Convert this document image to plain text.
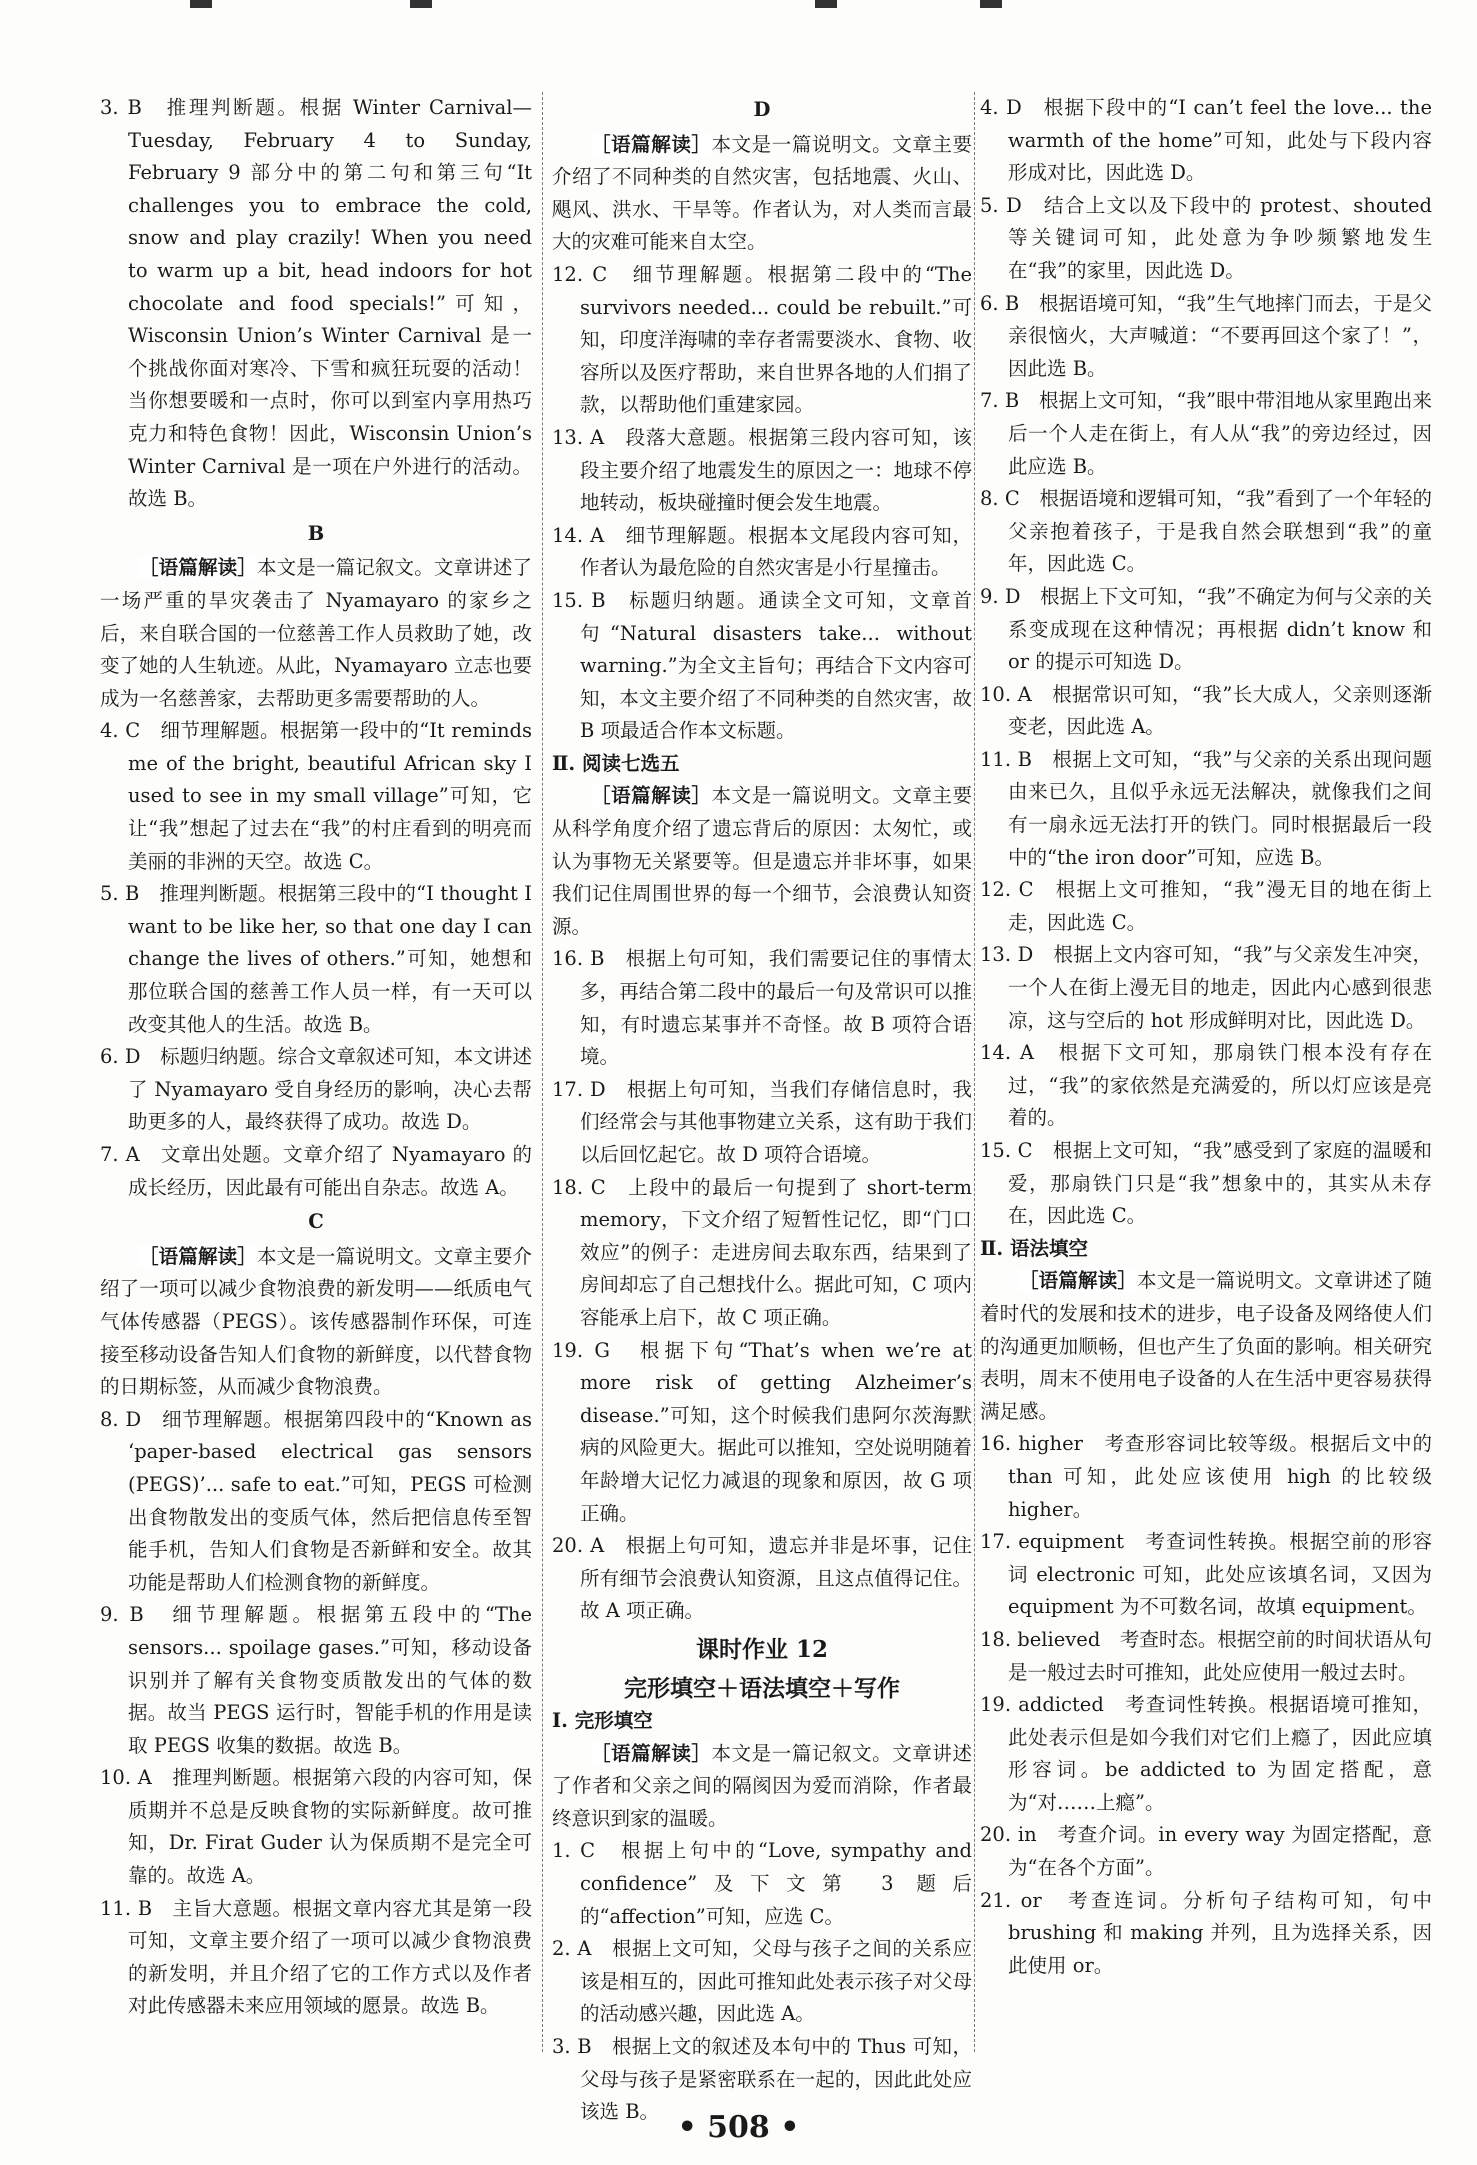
3. B　推理判断题。根据 Winter Carnival—Tuesday, February 4 to Sunday, February 9 部分中的第二句和第三句“It challenges you to embrace the cold, snow and play crazily! When you need to warm up a bit, head indoors for hot chocolate and food specials!”可知，Wisconsin Union’s Winter Carnival 是一个挑战你面对寒冷、下雪和疯狂玩耍的活动！当你想要暖和一点时，你可以到室内享用热巧克力和特色食物！因此，Wisconsin Union’s Winter Carnival 是一项在户外进行的活动。故选 B。

B

［语篇解读］本文是一篇记叙文。文章讲述了一场严重的旱灾袭击了 Nyamayaro 的家乡之后，来自联合国的一位慈善工作人员救助了她，改变了她的人生轨迹。从此，Nyamayaro 立志也要成为一名慈善家，去帮助更多需要帮助的人。

4. C　细节理解题。根据第一段中的“It reminds me of the bright, beautiful African sky I used to see in my small village”可知，它让“我”想起了过去在“我”的村庄看到的明亮而美丽的非洲的天空。故选 C。

5. B　推理判断题。根据第三段中的“I thought I want to be like her, so that one day I can change the lives of others.”可知，她想和那位联合国的慈善工作人员一样，有一天可以改变其他人的生活。故选 B。

6. D　标题归纳题。综合文章叙述可知，本文讲述了 Nyamayaro 受自身经历的影响，决心去帮助更多的人，最终获得了成功。故选 D。

7. A　文章出处题。文章介绍了 Nyamayaro 的成长经历，因此最有可能出自杂志。故选 A。

C

［语篇解读］本文是一篇说明文。文章主要介绍了一项可以减少食物浪费的新发明——纸质电气气体传感器（PEGS）。该传感器制作环保，可连接至移动设备告知人们食物的新鲜度，以代替食物的日期标签，从而减少食物浪费。

8. D　细节理解题。根据第四段中的“Known as ‘paper-based electrical gas sensors (PEGS)’... safe to eat.”可知，PEGS 可检测出食物散发出的变质气体，然后把信息传至智能手机，告知人们食物是否新鲜和安全。故其功能是帮助人们检测食物的新鲜度。

9. B　细节理解题。根据第五段中的“The sensors... spoilage gases.”可知，移动设备识别并了解有关食物变质散发出的气体的数据。故当 PEGS 运行时，智能手机的作用是读取 PEGS 收集的数据。故选 B。

10. A　推理判断题。根据第六段的内容可知，保质期并不总是反映食物的实际新鲜度。故可推知，Dr. Firat Guder 认为保质期不是完全可靠的。故选 A。

11. B　主旨大意题。根据文章内容尤其是第一段可知，文章主要介绍了一项可以减少食物浪费的新发明，并且介绍了它的工作方式以及作者对此传感器未来应用领域的愿景。故选 B。

D

［语篇解读］本文是一篇说明文。文章主要介绍了不同种类的自然灾害，包括地震、火山、飓风、洪水、干旱等。作者认为，对人类而言最大的灾难可能来自太空。

12. C　细节理解题。根据第二段中的“The survivors needed... could be rebuilt.”可知，印度洋海啸的幸存者需要淡水、食物、收容所以及医疗帮助，来自世界各地的人们捐了款，以帮助他们重建家园。

13. A　段落大意题。根据第三段内容可知，该段主要介绍了地震发生的原因之一：地球不停地转动，板块碰撞时便会发生地震。

14. A　细节理解题。根据本文尾段内容可知，作者认为最危险的自然灾害是小行星撞击。

15. B　标题归纳题。通读全文可知，文章首句“Natural disasters take... without warning.”为全文主旨句；再结合下文内容可知，本文主要介绍了不同种类的自然灾害，故 B 项最适合作本文标题。

Ⅱ. 阅读七选五

［语篇解读］本文是一篇说明文。文章主要从科学角度介绍了遗忘背后的原因：太匆忙，或认为事物无关紧要等。但是遗忘并非坏事，如果我们记住周围世界的每一个细节，会浪费认知资源。

16. B　根据上句可知，我们需要记住的事情太多，再结合第二段中的最后一句及常识可以推知，有时遗忘某事并不奇怪。故 B 项符合语境。

17. D　根据上句可知，当我们存储信息时，我们经常会与其他事物建立关系，这有助于我们以后回忆起它。故 D 项符合语境。

18. C　上段中的最后一句提到了 short-term memory，下文介绍了短暂性记忆，即“门口效应”的例子：走进房间去取东西，结果到了房间却忘了自己想找什么。据此可知，C 项内容能承上启下，故 C 项正确。

19. G　根据下句“That’s when we’re at more risk of getting Alzheimer’s disease.”可知，这个时候我们患阿尔茨海默病的风险更大。据此可以推知，空处说明随着年龄增大记忆力减退的现象和原因，故 G 项正确。

20. A　根据上句可知，遗忘并非是坏事，记住所有细节会浪费认知资源，且这点值得记住。故 A 项正确。

课时作业 12

完形填空＋语法填空＋写作

Ⅰ. 完形填空

［语篇解读］本文是一篇记叙文。文章讲述了作者和父亲之间的隔阂因为爱而消除，作者最终意识到家的温暖。

1. C　根据上句中的“Love, sympathy and confidence”及下文第 3 题后的“affection”可知，应选 C。

2. A　根据上文可知，父母与孩子之间的关系应该是相互的，因此可推知此处表示孩子对父母的活动感兴趣，因此选 A。

3. B　根据上文的叙述及本句中的 Thus 可知，父母与孩子是紧密联系在一起的，因此此处应该选 B。

4. D　根据下段中的“I can’t feel the love... the warmth of the home”可知，此处与下段内容形成对比，因此选 D。

5. D　结合上文以及下段中的 protest、shouted 等关键词可知，此处意为争吵频繁地发生在“我”的家里，因此选 D。

6. B　根据语境可知，“我”生气地摔门而去，于是父亲很恼火，大声喊道：“不要再回这个家了！”，因此选 B。

7. B　根据上文可知，“我”眼中带泪地从家里跑出来后一个人走在街上，有人从“我”的旁边经过，因此应选 B。

8. C　根据语境和逻辑可知，“我”看到了一个年轻的父亲抱着孩子，于是我自然会联想到“我”的童年，因此选 C。

9. D　根据上下文可知，“我”不确定为何与父亲的关系变成现在这种情况；再根据 didn’t know 和 or 的提示可知选 D。

10. A　根据常识可知，“我”长大成人，父亲则逐渐变老，因此选 A。

11. B　根据上文可知，“我”与父亲的关系出现问题由来已久，且似乎永远无法解决，就像我们之间有一扇永远无法打开的铁门。同时根据最后一段中的“the iron door”可知，应选 B。

12. C　根据上文可推知，“我”漫无目的地在街上走，因此选 C。

13. D　根据上文内容可知，“我”与父亲发生冲突，一个人在街上漫无目的地走，因此内心感到很悲凉，这与空后的 hot 形成鲜明对比，因此选 D。

14. A　根据下文可知，那扇铁门根本没有存在过，“我”的家依然是充满爱的，所以灯应该是亮着的。

15. C　根据上文可知，“我”感受到了家庭的温暖和爱，那扇铁门只是“我”想象中的，其实从未存在，因此选 C。

Ⅱ. 语法填空

［语篇解读］本文是一篇说明文。文章讲述了随着时代的发展和技术的进步，电子设备及网络使人们的沟通更加顺畅，但也产生了负面的影响。相关研究表明，周末不使用电子设备的人在生活中更容易获得满足感。

16. higher　考查形容词比较等级。根据后文中的 than 可知，此处应该使用 high 的比较级 higher。

17. equipment　考查词性转换。根据空前的形容词 electronic 可知，此处应该填名词，又因为 equipment 为不可数名词，故填 equipment。

18. believed　考查时态。根据空前的时间状语从句是一般过去时可推知，此处应使用一般过去时。

19. addicted　考查词性转换。根据语境可推知，此处表示但是如今我们对它们上瘾了，因此应填形容词。be addicted to 为固定搭配，意为“对……上瘾”。

20. in　考查介词。in every way 为固定搭配，意为“在各个方面”。

21. or　考查连词。分析句子结构可知，句中 brushing 和 making 并列，且为选择关系，因此使用 or。

• 508 •
